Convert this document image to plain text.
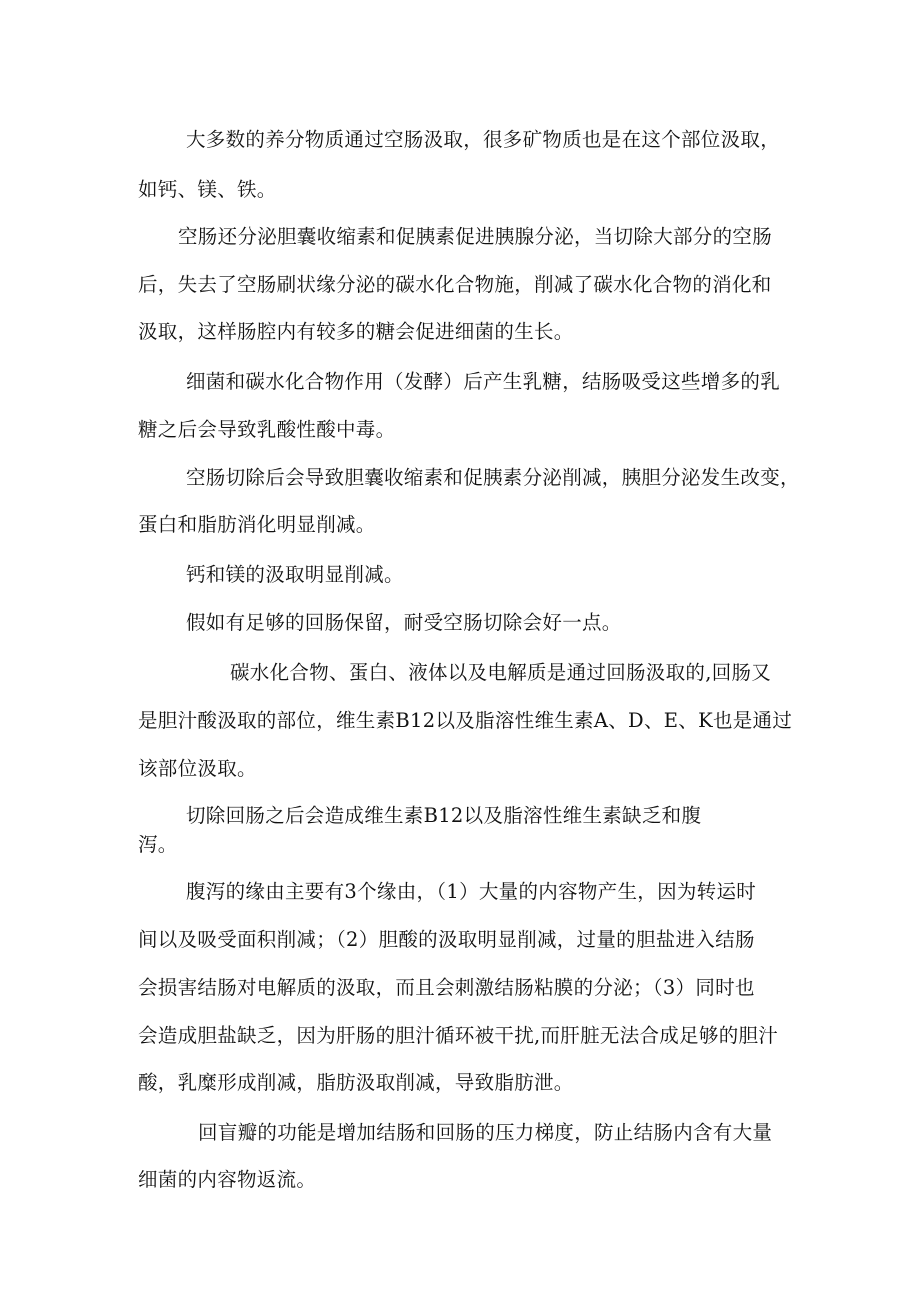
大多数的养分物质通过空肠汲取，很多矿物质也是在这个部位汲取，
如钙、镁、铁。
空肠还分泌胆囊收缩素和促胰素促进胰腺分泌，当切除大部分的空肠
后，失去了空肠刷状缘分泌的碳水化合物施，削减了碳水化合物的消化和
汲取，这样肠腔内有较多的糖会促进细菌的生长。
细菌和碳水化合物作用（发酵）后产生乳糖，结肠吸受这些增多的乳
糖之后会导致乳酸性酸中毒。
空肠切除后会导致胆囊收缩素和促胰素分泌削减，胰胆分泌发生改变，
蛋白和脂肪消化明显削减。
钙和镁的汲取明显削减。
假如有足够的回肠保留，耐受空肠切除会好一点。
碳水化合物、蛋白、液体以及电解质是通过回肠汲取的,回肠又
是胆汁酸汲取的部位，维生素B12以及脂溶性维生素A、D、E、K也是通过
该部位汲取。
切除回肠之后会造成维生素B12以及脂溶性维生素缺乏和腹
泻。
腹泻的缘由主要有3个缘由，（1）大量的内容物产生，因为转运时
间以及吸受面积削减；（2）胆酸的汲取明显削减，过量的胆盐进入结肠
会损害结肠对电解质的汲取，而且会刺激结肠粘膜的分泌；（3）同时也
会造成胆盐缺乏，因为肝肠的胆汁循环被干扰,而肝脏无法合成足够的胆汁
酸，乳糜形成削减，脂肪汲取削减，导致脂肪泄。
回盲瓣的功能是增加结肠和回肠的压力梯度，防止结肠内含有大量
细菌的内容物返流。
